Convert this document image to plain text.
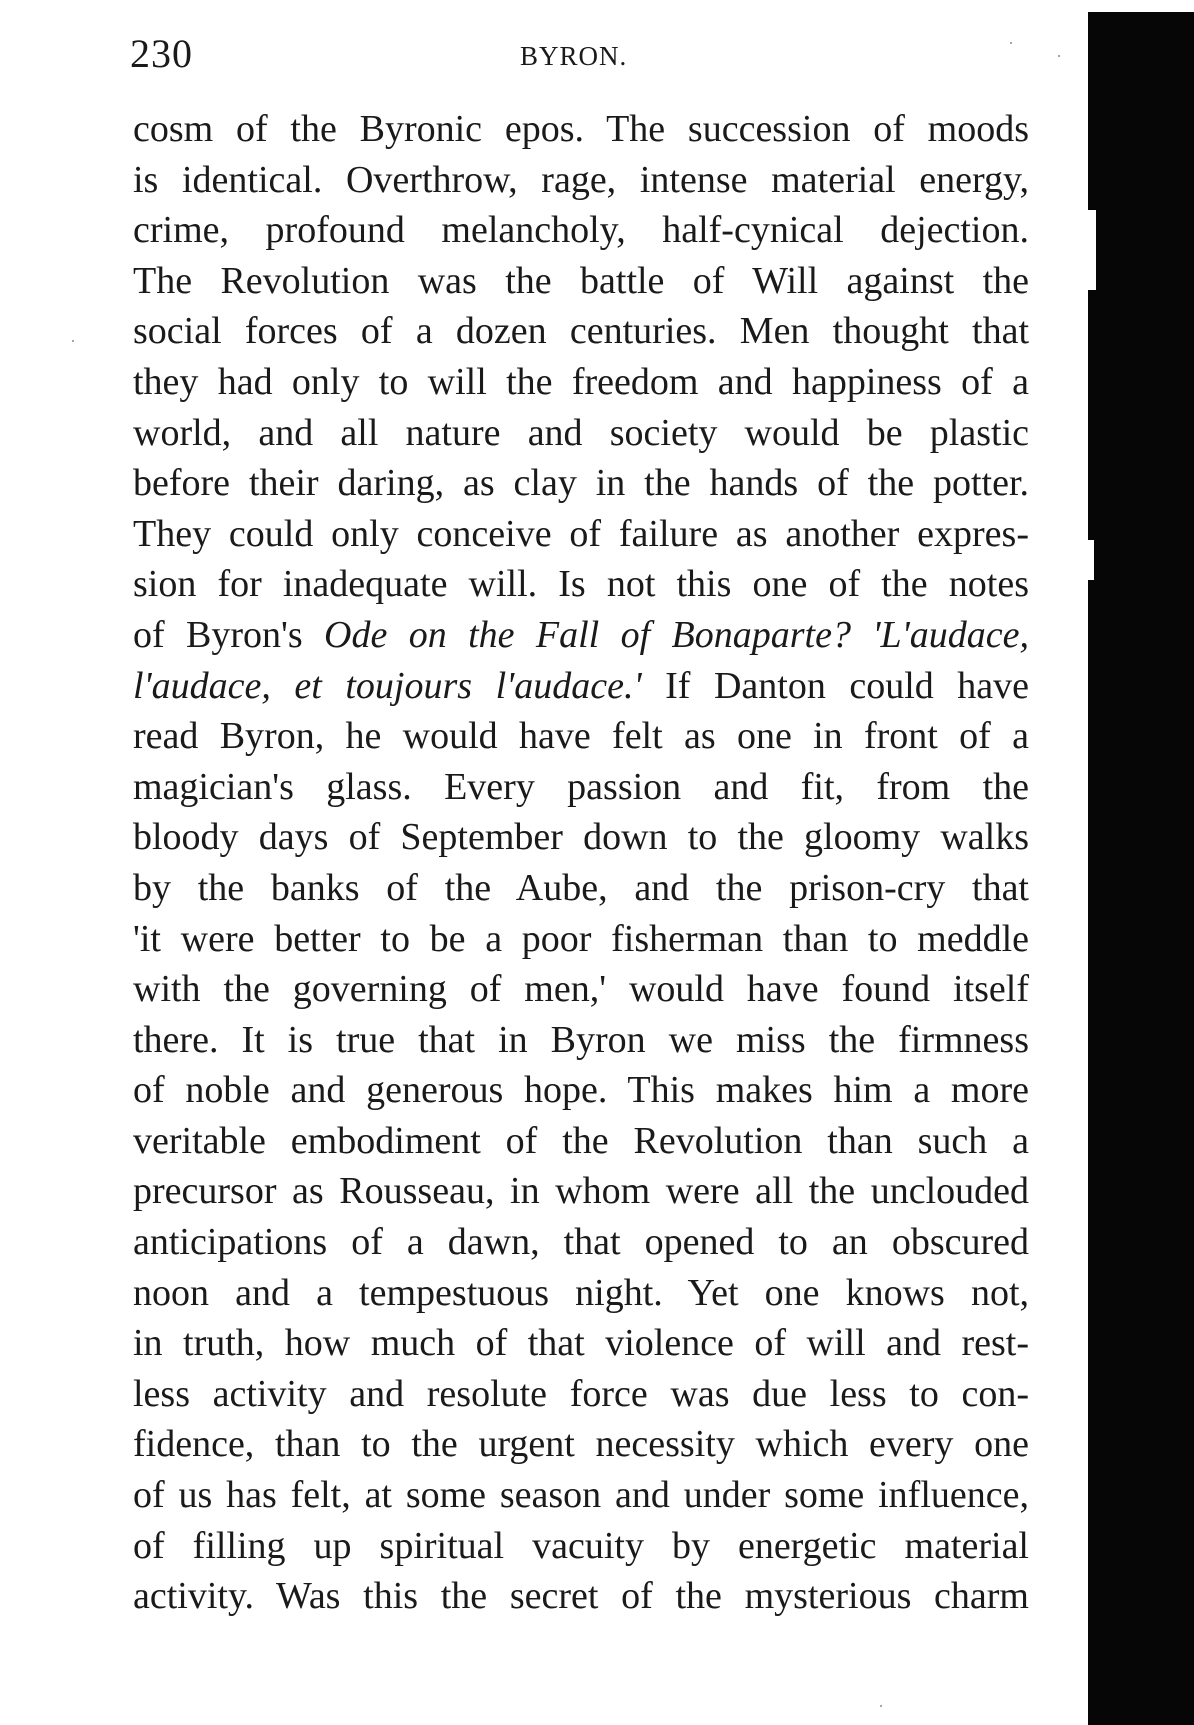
230	BYRON.
cosm of the Byronic epos. The succession of moods
is identical. Overthrow, rage, intense material energy,
crime, profound melancholy, half-cynical dejection.
The Revolution was the battle of Will against the
social forces of a dozen centuries. Men thought that
they had only to will the freedom and happiness of a
world, and all nature and society would be plastic
before their daring, as clay in the hands of the potter.
They could only conceive of failure as another expres-
sion for inadequate will. Is not this one of the notes
of Byron's Ode on the Fall of Bonaparte? 'L'audace,
l'audace, et toujours l'audace.' If Danton could have
read Byron, he would have felt as one in front of a
magician's glass. Every passion and fit, from the
bloody days of September down to the gloomy walks
by the banks of the Aube, and the prison-cry that
'it were better to be a poor fisherman than to meddle
with the governing of men,' would have found itself
there. It is true that in Byron we miss the firmness
of noble and generous hope. This makes him a more
veritable embodiment of the Revolution than such a
precursor as Rousseau, in whom were all the unclouded
anticipations of a dawn, that opened to an obscured
noon and a tempestuous night. Yet one knows not,
in truth, how much of that violence of will and rest-
less activity and resolute force was due less to con-
fidence, than to the urgent necessity which every one
of us has felt, at some season and under some influence,
of filling up spiritual vacuity by energetic material
activity. Was this the secret of the mysterious charm
